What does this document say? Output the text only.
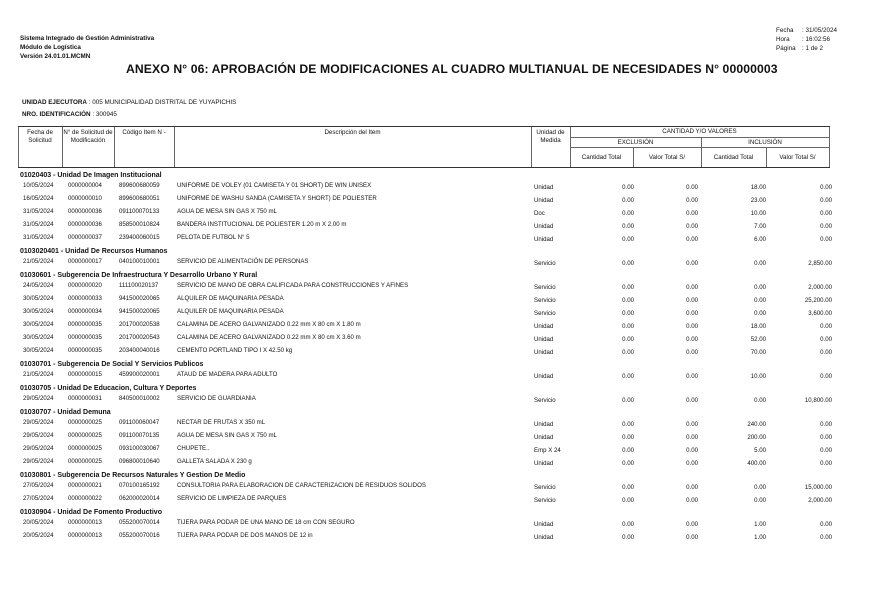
Sistema Integrado de Gestión Administrativa
Módulo de Logística
Versión 24.01.01.MCMN
Fecha : 31/05/2024
Hora : 16:02:56
Página : 1 de 2
ANEXO N° 06: APROBACIÓN DE MODIFICACIONES AL CUADRO MULTIANUAL DE NECESIDADES N° 00000003
UNIDAD EJECUTORA : 005 MUNICIPALIDAD DISTRITAL DE YUYAPICHIS
NRO. IDENTIFICACIÓN : 300945
Fecha de Solicitud
N° de Solicitud de Modificación
Código Item N -	Descripción del Item	Unidad de Medida
CANTIDAD Y/O VALORES
EXCLUSIÓN	INCLUSIÓN
Cantidad Total	Valor Total S/	Cantidad Total	Valor Total S/
01020403 - Unidad De Imagen Institucional
10/05/2024 0000000004	899600680059	UNIFORME DE VOLEY (01 CAMISETA Y 01 SHORT) DE WIN UNISEX	Unidad	0.00	0.00	18.00	0.00
16/05/2024 0000000010	899600680051	UNIFORME DE WASHU SANDA (CAMISETA Y SHORT) DE POLIESTER	Unidad	0.00	0.00	23.00	0.00
31/05/2024 0000000036	091100070133	AGUA DE MESA SIN GAS X 750 mL	Doc	0.00	0.00	10.00	0.00
31/05/2024 0000000036	858500010824	BANDERA INSTITUCIONAL DE POLIESTER 1.20 m X 2.00 m	Unidad	0.00	0.00	7.00	0.00
31/05/2024 0000000037	239400060015	PELOTA DE FUTBOL N° 5	Unidad	0.00	0.00	6.00	0.00
0103020401 - Unidad De Recursos Humanos
21/05/2024 0000000017	040100010001	SERVICIO DE ALIMENTACIÓN DE PERSONAS	Servicio	0.00	0.00	0.00	2,850.00
01030601 - Subgerencia De Infraestructura Y Desarrollo Urbano Y Rural
24/05/2024 0000000020	111100020137	SERVICIO DE MANO DE OBRA CALIFICADA PARA CONSTRUCCIONES Y AFINES	Servicio	0.00	0.00	0.00	2,000.00
30/05/2024 0000000033	941500020065	ALQUILER DE MAQUINARIA PESADA	Servicio	0.00	0.00	0.00	25,200.00
30/05/2024 0000000034	941500020065	ALQUILER DE MAQUINARIA PESADA	Servicio	0.00	0.00	0.00	3,600.00
30/05/2024 0000000035	201700020538	CALAMINA DE ACERO GALVANIZADO 0.22 mm X 80 cm X 1.80 m	Unidad	0.00	0.00	18.00	0.00
30/05/2024 0000000035	201700020543	CALAMINA DE ACERO GALVANIZADO 0.22 mm X 80 cm X 3.60 m	Unidad	0.00	0.00	52.00	0.00
30/05/2024 0000000035	203400040016	CEMENTO PORTLAND TIPO I X 42.50 kg	Unidad	0.00	0.00	70.00	0.00
01030701 - Subgerencia De Social Y Servicios Publicos
21/05/2024 0000000015	459900020001	ATAUD DE MADERA PARA ADULTO	Unidad	0.00	0.00	10.00	0.00
01030705 - Unidad De Educacion, Cultura Y Deportes
29/05/2024 0000000031	840500010002	SERVICIO DE GUARDIANIA	Servicio	0.00	0.00	0.00	10,800.00
01030707 - Unidad Demuna
29/05/2024 0000000025	091100060047	NECTAR DE FRUTAS X 350 mL	Unidad	0.00	0.00	240.00	0.00
29/05/2024 0000000025	091100070135	AGUA DE MESA SIN GAS X 750 mL	Unidad	0.00	0.00	200.00	0.00
29/05/2024 0000000025	093100030067	CHUPETE..	Emp X 24	0.00	0.00	5.00	0.00
29/05/2024 0000000025	096800010640	GALLETA SALADA X 230 g	Unidad	0.00	0.00	400.00	0.00
01030801 - Subgerencia De Recursos Naturales Y Gestion De Medio
27/05/2024 0000000021	070100165192	CONSULTORIA PARA ELABORACION DE CARACTERIZACION DE RESIDUOS SOLIDOS	Servicio	0.00	0.00	0.00	15,000.00
27/05/2024 0000000022	062000020014	SERVICIO DE LIMPIEZA DE PARQUES	Servicio	0.00	0.00	0.00	2,000.00
01030904 - Unidad De Fomento Productivo
20/05/2024 0000000013	055200070014	TIJERA PARA PODAR DE UNA MANO DE 18 cm CON SEGURO	Unidad	0.00	0.00	1.00	0.00
20/05/2024 0000000013	055200070016	TIJERA PARA PODAR DE DOS MANOS DE 12 in	Unidad	0.00	0.00	1.00	0.00
